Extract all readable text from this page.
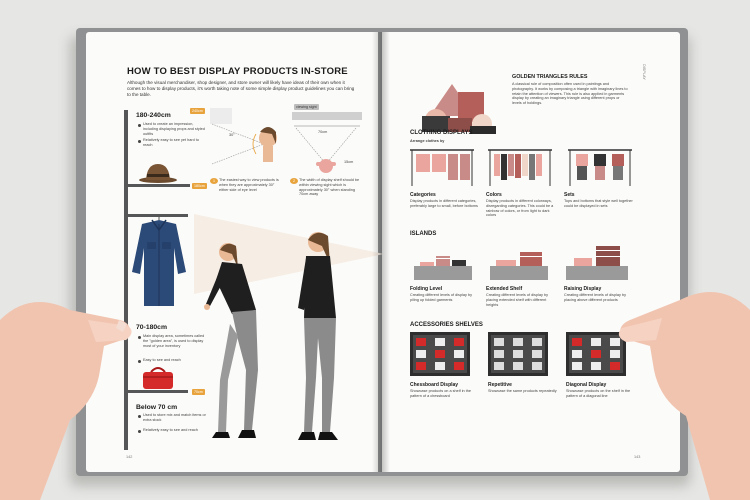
HOW TO BEST DISPLAY PRODUCTS IN-STORE

Although the visual merchandiser, shop designer, and store owner will likely have ideas of their own when it comes to how to display products, it's worth taking note of some simple display product guidelines you can bring to the table.

180-240cm

240cm

Used to create an impression, including displaying props and styled outfits

Relatively easy to see yet hard to reach

180cm

70-180cm

Main display area, sometimes called the "golden area", is used to display most of your inventory

Easy to see and reach

70cm

Below 70 cm

Used to store mix and match items or extra stock

Relatively easy to see and reach

30°

viewing sight

70cm

15cm

1	The easiest way to view products is when they are approximately 30° either side of eye level

2	The width of display shelf should be within viewing sight which is approximately 30° when standing 70cm away

142

DISPLAY

GOLDEN TRIANGLES RULES

A classical rule of composition often used in paintings and photography. It works by composing a triangle with imaginary lines to retain the attention of viewers. This rule is also applied in garments display by creating an imaginary triangle using different props or levels of holdings.

CLOTHING DISPLAYS

Arrange clothes by

Categories

Display products in different categories, preferably large to small, before bottoms

Colors

Display products in different colorways, disregarding categories. This could be a rainbow of colors, or from light to dark colors

Sets

Tops and bottoms that style well together could be displayed in sets

ISLANDS

Folding Level

Creating different levels of display by piling up folded garments

Extended Shelf

Creating different levels of display by placing extended shelf with different heights

Raising Display

Creating different levels of display by placing above different products

ACCESSORIES SHELVES

Chessboard Display

Showcase products on a shelf in the pattern of a chessboard

Repetitive

Showcase the same products repeatedly

Diagonal Display

Showcase products on the shelf in the pattern of a diagonal line

143
